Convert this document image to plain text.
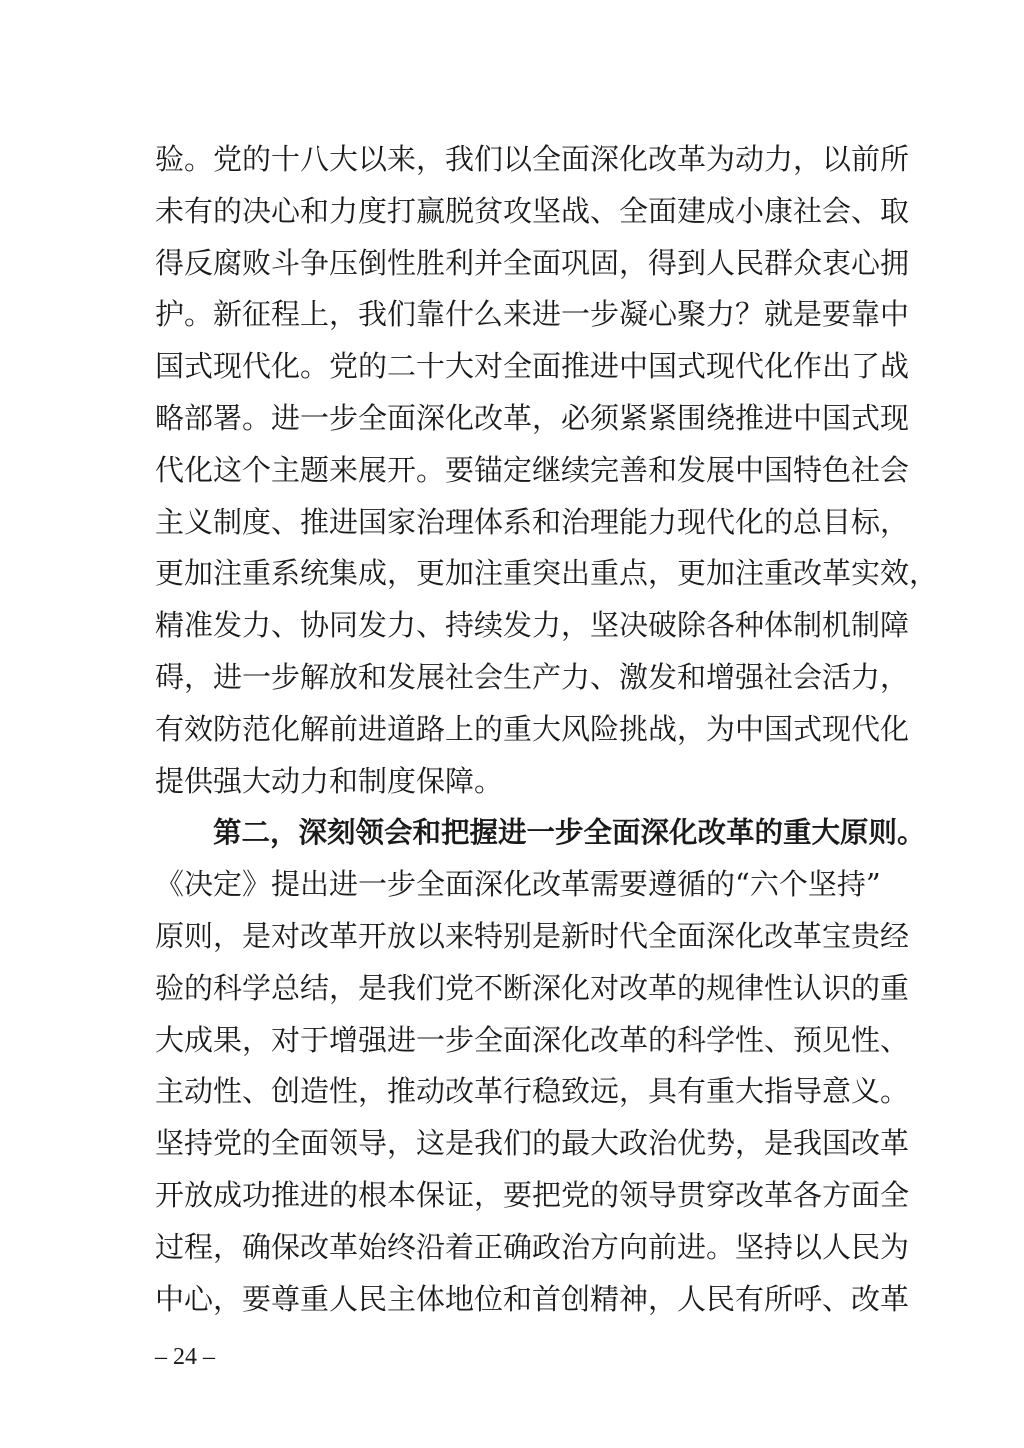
验。党的十八大以来，我们以全面深化改革为动力，以前所
未有的决心和力度打赢脱贫攻坚战、全面建成小康社会、取
得反腐败斗争压倒性胜利并全面巩固，得到人民群众衷心拥
护。新征程上，我们靠什么来进一步凝心聚力？就是要靠中
国式现代化。党的二十大对全面推进中国式现代化作出了战
略部署。进一步全面深化改革，必须紧紧围绕推进中国式现
代化这个主题来展开。要锚定继续完善和发展中国特色社会
主义制度、推进国家治理体系和治理能力现代化的总目标，
更加注重系统集成，更加注重突出重点，更加注重改革实效，
精准发力、协同发力、持续发力，坚决破除各种体制机制障
碍，进一步解放和发展社会生产力、激发和增强社会活力，
有效防范化解前进道路上的重大风险挑战，为中国式现代化
提供强大动力和制度保障。
第二，深刻领会和把握进一步全面深化改革的重大原则。
《决定》提出进一步全面深化改革需要遵循的“六个坚持”
原则，是对改革开放以来特别是新时代全面深化改革宝贵经
验的科学总结，是我们党不断深化对改革的规律性认识的重
大成果，对于增强进一步全面深化改革的科学性、预见性、
主动性、创造性，推动改革行稳致远，具有重大指导意义。
坚持党的全面领导，这是我们的最大政治优势，是我国改革
开放成功推进的根本保证，要把党的领导贯穿改革各方面全
过程，确保改革始终沿着正确政治方向前进。坚持以人民为
中心，要尊重人民主体地位和首创精神，人民有所呼、改革
– 24 –
